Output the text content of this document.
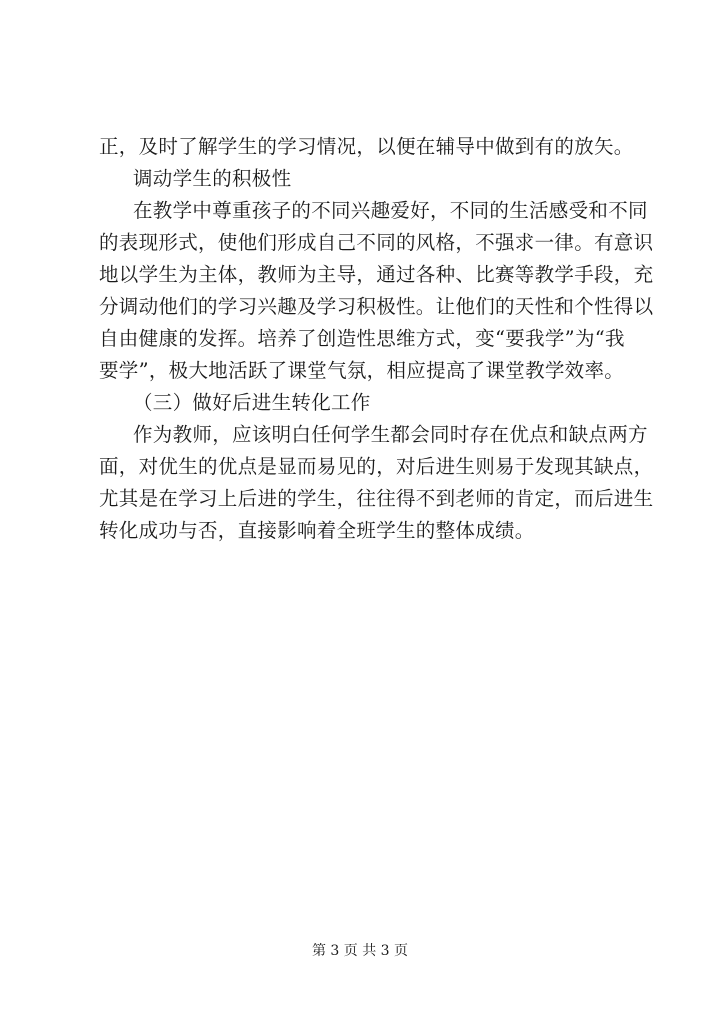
正，及时了解学生的学习情况，以便在辅导中做到有的放矢。
调动学生的积极性
在教学中尊重孩子的不同兴趣爱好，不同的生活感受和不同
的表现形式，使他们形成自己不同的风格，不强求一律。有意识
地以学生为主体，教师为主导，通过各种、比赛等教学手段，充
分调动他们的学习兴趣及学习积极性。让他们的天性和个性得以
自由健康的发挥。培养了创造性思维方式，变“要我学”为“我
要学”，极大地活跃了课堂气氛，相应提高了课堂教学效率。
（三）做好后进生转化工作
作为教师，应该明白任何学生都会同时存在优点和缺点两方
面，对优生的优点是显而易见的，对后进生则易于发现其缺点，
尤其是在学习上后进的学生，往往得不到老师的肯定，而后进生
转化成功与否，直接影响着全班学生的整体成绩。
第 3 页 共 3 页
